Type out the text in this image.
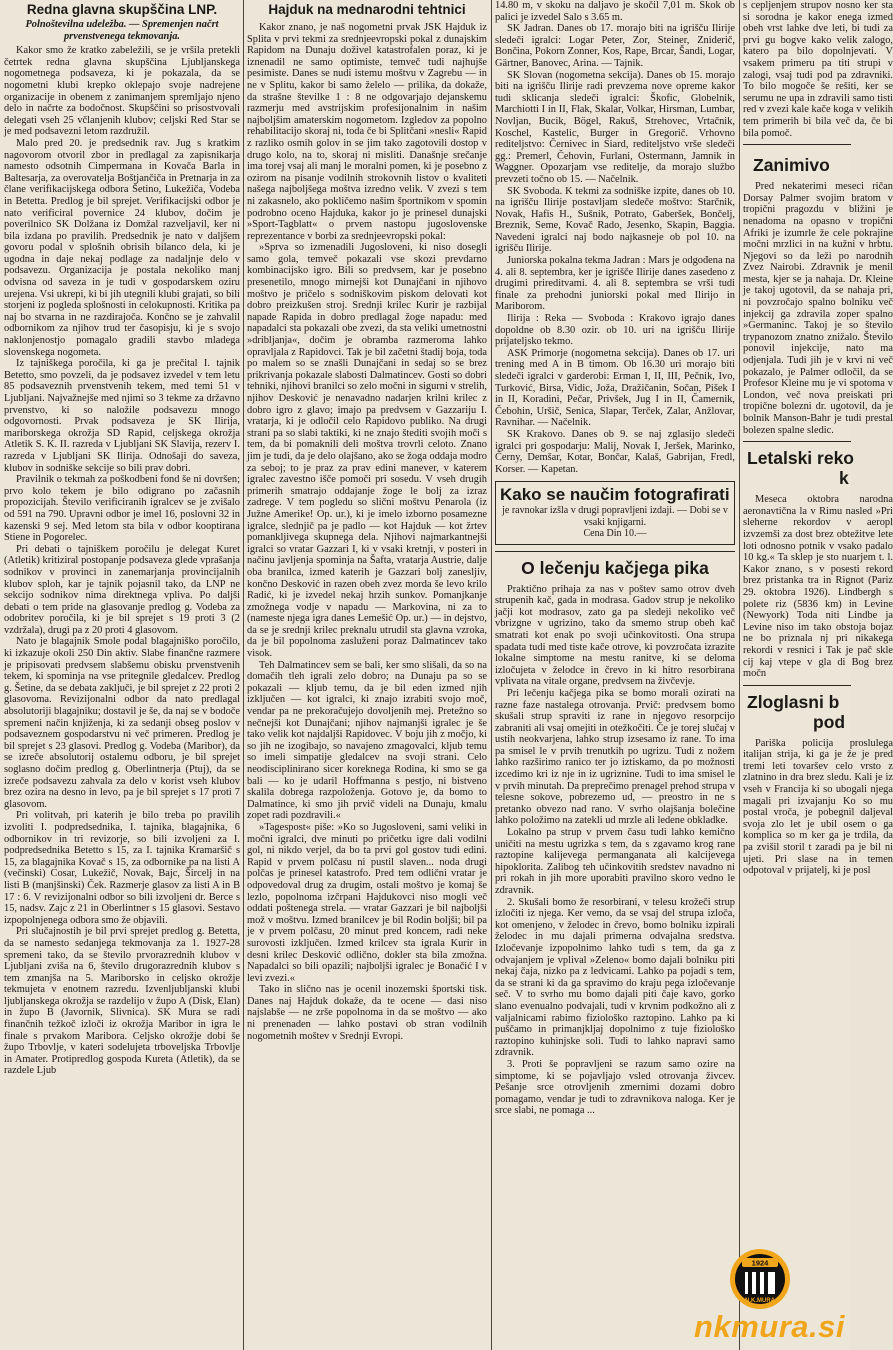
Redna glavna skupščina LNP.
Polnoštevilna udeležba. — Spremenjen načrt prvenstvenega tekmovanja.

Kakor smo že kratko zabeležili, se je vršila pretekli četrtek redna glavna skupščina Ljubljanskega nogometnega podsaveza, ki je pokazala, da se nogometni klubi krepko oklepajo svoje nadrejene organizacije in obenem z zanimanjem spremljajo njeno delo in načrte za bodočnost. Skupščini so prisostvovali delegati vseh 25 včlanjenih klubov; celjski Red Star se je med podsavezni letom razdružil.

Malo pred 20. je predsednik rav. Jug s kratkim nagovorom otvoril zbor in predlagal za zapisnikarja namesto odsotnih Cimpermana in Kovača Barla in Baltesarja, za overovatelja Boštjančiča in Pretnarja in za člane verifikacijskega odbora Šetino, Lukežiča, Vodeba in Betetta. Predlog je bil sprejet. Verifikacijski odbor je nato verificiral povernice 24 klubov, dočim je poverilnico SK Dolžana iz Domžal razveljavil, ker ni bila izdana po pravilih. Predsednik je nato v daljšem govoru podal v splošnih obrisih bilanco dela, ki je ugodna in daje nekaj podlage za nadaljnje delo v podsavezu. Organizacija je postala nekoliko manj odvisna od saveza in je tudi v gospodarskem oziru urejena. Vsi ukrepi, ki bi jih utegnili klubi grajati, so bili storjeni iz pogleda splošnosti in celokupnosti. Kritika pa naj bo stvarna in ne razdirajoča. Končno se je zahvalil odbornikom za njihov trud ter časopisju, ki je s svojo naklonjenostjo pomagalo gradili stavbo mladega slovenskega nogometa.

Iz tajniškega poročila, ki ga je prečital I. tajnik Betetto, smo povzeli, da je podsavez izvedel v tem letu 85 podsaveznih prvenstvenih tekem, med temi 51 v Ljubljani. Najvažnejše med njimi so 3 tekme za državno prvenstvo, ki so naložile podsavezu mnogo odgovornosti. Prvak podsaveza je SK Ilirija, mariborskega okrožja SD Rapid, celjskega okrožja Atletik S. K. II. razreda v Ljubljani SK Slavija, rezerv I. razreda v Ljubljani SK Ilirija. Odnošaji do saveza, klubov in sodniške sekcije so bili prav dobri.

Pravilnik o tekmah za poškodbeni fond še ni dovršen; prvo kolo tekem je bilo odigrano po začasnih propozicijah. Število verificiranih igralcev se je zvišalo od 591 na 790. Upravni odbor je imel 16, poslovni 32 in kazenski 9 sej. Med letom sta bila v odbor kooptirana Stiene in Pogorelec.

Pri debati o tajniškem poročilu je delegat Kuret (Atletik) kritiziral postopanje podsaveza glede vprašanja sodnikov v provinci in zanemarjanja provincijalnih klubov sploh, kar je tajnik pojasnil tako, da LNP ne sekcijo sodnikov nima direktnega vpliva. Po daljši debati o tem pride na glasovanje predlog g. Vodeba za odobritev poročila, ki je bil sprejet s 19 proti 3 (2 vzdržala), drugi pa z 20 proti 4 glasovom.

Nato je blagajnik Smole podal blagajniško poročilo, ki izkazuje okoli 250 Din aktiv. Slabe finančne razmere je pripisovati predvsem slabšemu obisku prvenstvenih tekem, ki spominja na vse pritegnile gledalcev. Predlog g. Šetine, da se debata zaključi, je bil sprejet z 22 proti 2 glasovoma. Revizijonalni odbor da nato predlagal absolutoriji blagajniku; dostavil je še, da naj se v bodoče spremeni način knjiženja, ki za sedanji obseg poslov v podsaveznem gospodarstvu ni več primeren. Predlog je bil sprejet s 23 glasovi. Predlog g. Vodeba (Maribor), da se izreče absolutorij ostalemu odboru, je bil sprejet soglasno dočim predlog g. Oberlintnerja (Ptuj), da se izreče podsavezu zahvala za delo v korist vseh klubov brez ozira na desno in levo, pa je bil sprejet s 17 proti 7 glasovom.

Pri volitvah, pri katerih je bilo treba po pravilih izvoliti I. podpredsednika, I. tajnika, blagajnika, 6 odbornikov in tri revizorje, so bili izvoljeni za I. podpredsednika Betetto s 15, za I. tajnika Kramaršič s 15, za blagajnika Kovač s 15, za odbornike pa na listi A (večinski) Cosar, Lukežič, Novak, Bajc, Šircelj in na listi B (manjšinski) Ček. Razmerje glasov za listi A in B 17 : 6. V revizijonalni odbor so bili izvoljeni dr. Berce s 15, nadsv. Zajc z 21 in Oberlintner s 15 glasovi. Sestavo izpopolnjenega odbora smo že objavili.

Pri slučajnostih je bil prvi sprejet predlog g. Betetta, da se namesto sedanjega tekmovanja za 1. 1927-28 spremeni tako, da se število prvorazrednih klubov v Ljubljani zviša na 6, število drugorazrednih klubov s tem zmanjša na 5. Mariborsko in celjsko okrožje tekmujeta v enotnem razredu. Izvenljubljanski klubi ljubljanskega okrožja se razdelijo v župo A (Disk, Elan) in župo B (Javornik, Slivnica). SK Mura se radi finančnih težkoč izloči iz okrožja Maribor in igra le finale s prvakom Maribora. Celjsko okrožje dobi še župo Trbovlje, v kateri sodelujeta trboveljska Trbovlje in Amater. Protipredlog gospoda Kureta (Atletik), da se razdele Ljub

Hajduk na mednarodni tehtnici

Kakor znano, je naš nogometni prvak JSK Hajduk iz Splita v prvi tekmi za srednjeevropski pokal z dunajskim Rapidom na Dunaju doživel katastrofalen poraz, ki je iznenadil ne samo optimiste, temveč tudi najhujše pesimiste. Danes se nudi istemu moštvu v Zagrebu — in ne v Splitu, kakor bi samo želelo — prilika, da dokaže, da strašne številke 1 : 8 ne odgovarjajo dejanskemu razmerju med avstrijskim profesijonalnim in našim najboljšim amaterskim nogometom. Izgledov za popolno rehabilitacijo skoraj ni, toda če bi Splitčani »nesli« Rapid z razliko osmih golov in se jim tako zagotovili dostop v drugo kolo, na to, skoraj ni misliti. Današnje srečanje ima torej vsaj ali manj le moralni pomen, ki je posebno z ozirom na pisanje vodilnih strokovnih listov o kvaliteti našega najboljšega moštva izredno velik. V zvezi s tem ni zakasnelo, ako pokličemo našim športnikom v spomin podrobno oceno Hajduka, kakor jo je prinesel dunajski »Sport-Tagblatt« o prvem nastopu jugoslovenske reprezentance v borbi za srednjeevropski pokal:

»Sprva so izmenadili Jugosloveni, ki niso dosegli samo gola, temveč pokazali vse skozi prevdarno kombinacijsko igro. Bili so predvsem, kar je posebno presenetilo, mnogo mirnejši kot Dunajčani in njihovo moštvo je pričelo s sodniškovim piskom delovati kot dobro preizkušen stroj. Srednji krilec Kurir je razbijal napade Rapida in dobro predlagal žoge napadu: med napadalci sta pokazali obe zvezi, da sta veliki umetnostni »dribljanja«, dočim je obramba razmeroma lahko opravljala z Rapidovci. Tak je bil začetni štadij boja, toda po malem so se znašli Dunajčani in sedaj so se brez prikrivanja pokazale slabosti Dalmatincev. Gosti so dobri tehniki, njihovi branilci so zelo močni in sigurni v strelih, njihov Desković je nenavadno nadarjen krilni krilec z dobro igro z glavo; imajo pa predvsem v Gazzariju I. vratarja, ki je odločil celo Rapidovo publiko. Na drugi strani pa so slabi taktiki, ki ne znajo štediti svojih moči s tem, da bi pomaknili deli moštva trovrli celoto. Znano jim je tudi, da je delo olajšano, ako se žoga oddaja modro za seboj; to je praz za prav edini manever, v katerem igralec zavestno išče pomoči pri sosedu. V vseh drugih primerih smatrajo oddajanje žoge le bolj za izraz zadrege. V tem pogledu so slični moštvu Penarola (iz Južne Amerike! Op. ur.), ki je imelo izborno posamezne igralce, slednjič pa je padlo — kot Hajduk — kot žrtev pomankljivega skupnega dela. Njihovi najmarkantnejši igralci so vratar Gazzari I, ki v vsaki kretnji, v posteri in načinu javljenja spominja na Šafta, vratarja Austrie, dalje oba branilca, izmed katerih je Gazzari bolj zanesljiv, končno Desković in razen obeh zvez morda še levo krilo Radić, ki je izvedel nekaj hrzih sunkov. Pomanjkanje zmožnega vodje v napadu — Markovina, ni za to (nameste njega igra danes Lemešić Op. ur.) — in dejstvo, da se je srednji krilec preknalu utrudil sta glavna vzroka, da je bil popolnoma zasluženi poraz Dalmatincev tako visok.

Teh Dalmatincev sem se bali, ker smo slišali, da so na domačih tleh igrali zelo dobro; na Dunaju pa so se pokazali — kljub temu, da je bil eden izmed njih izključen — kot igralci, ki znajo izrabiti svojo moč, vendar pa ne prekoračujejo dovoljenih mej. Pretežno so nečnejši kot Dunajčani; njihov najmanjši igralec je še tako velik kot najdaljši Rapidovec. V boju jih z močjo, ki so jih ne izogibajo, so navajeno zmagovalci, kljub temu so imeli simpatije gledalcev na svoji strani. Celo neodisciplinirano sicer koreknega Rodina, ki smo se ga bali — ko je udaril Hoffmanna s pestjo, ni bistveno skalila dobrega razpoloženja. Gotovo je, da bomo to Dalmatince, ki smo jih prvič videli na Dunaju, kmalu zopet radi pozdravili.«

»Tagespost« piše: »Ko so Jugosloveni, sami veliki in močni igralci, dve minuti po pričetku igre dali vodilni gol, ni nikdo verjel, da bo ta prvi gol gostov tudi edini. Rapid v prvem polčasu ni pustil slaven... noda drugi polčas je prinesel katastrofo. Pred tem odlični vratar je odpovedoval drug za drugim, ostali moštvo je komaj še lezlo, popolnoma izčrpani Hajdukovci niso mogli več oddati poštenega strela. — vratar Gazzari je bil najboljši mož v moštvu. Izmed branilcev je bil Rodin boljši; bil pa je v prvem polčasu, 20 minut pred koncem, radi neke surovosti izključen. Izmed krilcev sta igrala Kurir in desni krilec Desković odlično, dokler sta bila zmožna. Napadalci so bili opazili; najboljši igralec je Bonačić I v levi zvezi.«

Tako in slično nas je ocenil inozemski športski tisk. Danes naj Hajduk dokaže, da te ocene — dasi niso najslabše — ne zrše popolnoma in da se moštvo — ako ni prenenaden — lahko postavi ob stran vodilnih nogometnih moštev v Srednji Evropi.

14.80 m, v skoku na daljavo je skočil 7,01 m. Skok ob palici je izvedel Salo s 3.65 m.

SK Jadran. Danes ob 17. morajo biti na igrišču Ilirije sledeči igralci: Logar Peter, Zor, Steiner, Zniderič, Bončina, Pokorn Zonner, Kos, Rape, Brcar, Šandi, Logar, Gärtner, Banovec, Arina. — Tajnik.

SK Slovan (nogometna sekcija). Danes ob 15. morajo biti na igrišču Ilirije radi prevzema nove opreme kakor tudi sklicanja sledeči igralci: Škofic, Globelnik, Marchiotti I in II, Flak, Skalar, Volkar, Hirsman, Lumbar, Novljan, Bucik, Bögel, Rakuš, Strehovec, Vrtačnik, Koschel, Kastelic, Burger in Gregorič. Vrhovno rediteljstvo: Černivec in Siard, rediteljstvo vrše sledeči gg.: Premerl, Čehovin, Furlani, Ostermann, Jamnik in Waggner. Opozarjam vse reditelje, da morajo službo prevzeti točno ob 15. — Načelnik.

SK Svoboda. K tekmi za sodniške izpite, danes ob 10. na igrišču Ilirije postavljam sledeče moštvo: Starčnik, Novak, Hafis H., Sušnik, Potrato, Gaberšek, Bončelj, Breznik, Seme, Kovač Rado, Jesenko, Skapin, Baggia. Navedeni igralci naj bodo najkasneje ob pol 10. na igrišču Ilirije.

Juniorska pokalna tekma Jadran : Mars je odgođena na 4. ali 8. septembra, ker je igrišče Ilirije danes zasedeno z drugimi prireditvami. 4. ali 8. septembra se vrši tudi finale za prehodni juniorski pokal med Ilirijo in Mariborom.

Ilirija : Reka — Svoboda : Krakovo igrajo danes dopoldne ob 8.30 ozir. ob 10. uri na igrišču Ilirije prijateljsko tekmo.

ASK Primorje (nogometna sekcija). Danes ob 17. uri trening med A in B timom. Ob 16.30 uri morajo biti sledeči igralci v garderobi: Erman I, II, III, Pečnik, Ivo, Turković, Birsa, Vidic, Joža, Dražičanin, Sočan, Pišek I in II, Koradini, Pečar, Privšek, Jug I in II, Čamernik, Čebohin, Uršič, Senica, Slapar, Terček, Zalar, Anžlovar, Ravnihar. — Načelnik.

SK Krakovo. Danes ob 9. se naj zglasijo sledeči igralci pri gospodarju: Malij, Novak I, Jeršek, Marinko, Černy, Demšar, Kotar, Bončar, Kalaš, Gabrijan, Fredl, Korser. — Kapetan.

Kako se naučim fotografirati
je ravnokar izšla v drugi popravljeni izdaji. — Dobi se v vsaki knjigarni.
Cena Din 10.—
O lečenju kačjega pika

Praktično prihaja za nas v poštev samo otrov dveh strupenih kač, gada in modrasa. Gadov strup je nekoliko jačji kot modrasov, zato ga pa sledeji nekoliko več vbrizgne v ugrizino, tako da smemo strup obeh kač smatrati kot enak po svoji učinkovitosti. Ona strupa spadata tudi med tiste kače otrove, ki povzročata izrazite lokalne simptome na mestu ranitve, ki se deloma izločujeta v želodce in črevo in ki hitro resorbirana vplivata na vitale organe, predvsem na živčevje.

Pri lečenju kačjega pika se bomo morali ozirati na razne faze nastalega otrovanja. Prvič: predvsem bomo skušali strup spraviti iz rane in njegovo resorpcijo zabraniti ali vsaj omejiti in otežkočiti. Če je torej slučaj v ustih neokvarjena, lahko strup izsesamo iz rane. To ima pa smisel le v prvih trenutkih po ugrizu. Tudi z nožem lahko razširimo ranico ter jo iztiskamo, da po možnosti izcedimo kri iz nje in iz ugriznine. Tudi to ima smisel le v prvih minutah. Da preprečimo prenagel prehod strupa v telesne sokove, pobrezemo ud, — preostro in ne s pretanko obvezo nad rano. V svrho olajšanja bolečine lahko položimo na zatekli ud mrzle ali ledene obkladke.

Lokalno pa strup v prvem času tudi lahko kemično uničiti na mestu ugrizka s tem, da s zgavamo krog rane raztopine kalijevega permanganata ali kalcijevega hipoklorita. Zalibog teh učinkovitih sredstev navadno ni pri rokah in jih more uporabiti pravilno skoro vedno le zdravnik.

2. Skušali bomo že resorbirani, v telesu krožeči strup izločiti iz njega. Ker vemo, da se vsaj del strupa izloča, kot omenjeno, v želodec in črevo, bomo bolniku izpirali želodec in mu dajali primerna odvajalna sredstva. Izločevanje izpopolnimo lahko tudi s tem, da ga z odvajanjem je vplival »Zeleno« bomo dajali bolniku piti nekaj čaja, nizko pa z ledvicami. Lahko pa pojadi s tem, da se strani ki da ga spravimo do kraju pega izločevanje seč. V to svrho mu bomo dajali piti čaje kavo, gorko slano evenualno podvajali, tudi v krvnim podkožno ali z valjalnicami rabimo fiziološko raztopino. Lahko pa ki puščamo in primanjkljaj dopolnimo z tuje fiziološko raztopino kuhinjske soli. Tudi to lahko napravi samo zdravnik.

3. Proti še popravljeni se razum samo ozire na simptome, ki se pojavljajo vsled otrovanja živcev. Pešanje srce otrovljenih zmernimi dozami dobro pomagamo, vendar je tudi to zdravnikova naloga. Ker je srce slabi, ne pomaga ...

s cepljenjem strupov nosno ker sta si sorodna je kakor enega izmed obeh vrst lahke dve leti, bi tudi za prvi gu bogve kako velik zalogo, katero pa bilo dopolnjevati. V vsakem primeru pa titi strupi v zalogi, vsaj tudi pod pa zdravniki. To bilo mogoče še rešiti, ker se serumu ne upa in zdravili samo tisti red v zvezi kale kače koga v velikih tem primerih bi bila več da, če bi bila pomoč.

Zanimivo

Pred nekaterimi meseci ričan Dorsay Palmer svojim bratom v tropični pragozdu v bližini je nenadoma na opasno v tropični Afriki je izumrle že cele pokrajine močni mrzlici in na kužni v hrbtu. Njegovi so da leži po narodnih Zvez Nairobi. Zdravnik je menil mesta, kjer se ja nahaja. Dr. Kleine je takoj ugotovil, da se nahaja pri, ni povzročajo spalno bolniku več injekcij ga zdravila zoper spalno »Germaninc. Takoj je so število trypanozom znatno znižalo. Število ponovil injekcije, nato ma odjenjala. Tudi jih je v krvi ni več pokazalo, je Palmer odločil, da se Profesor Kleine mu je vi spotoma v London, več nova preiskati pri tropične bolezni dr. ugotovil, da je bolnik Manson-Bahr je tudi prestal bolezen spalne sledic.

Letalski reko
k

Meseca oktobra narodna aeronavtična la v Rimu nasled »Pri sleherne rekordov v aeropl izvzemši za dost brez obtežitve lete loti odnosno potnik v vsako padalo 10 kg.« Ta sklep je sto nuarjem t. l. Kakor znano, s v posesti rekord brez pristanka tra in Rignot (Pariz 29. oktobra 1926). Lindbergh s polete riz (5836 km) in Levine (Newyork) Toda niti Lindbe ja Levine niso im tako obstoja bojaz ne bo priznala nj pri nikakega rekordi v resnici i Tak je pač skle cij kaj vtepe v gla di Bog brez močn

Zloglasni b
pod

Pariška policija proslulega italijan strija, ki ga je že je pred tremi leti tovaršev celo vrsto z zlatnino in dra brez sledu. Kali je iz vseh v Francija ki so ubogali njega magali pri izvajanju Ko so mu postal vroča, je pobegnil daljeval svoja zlo let je ubil osem o ga komplica so m ker ga je trdila, da pa zvišil storil t zaradi pa je bil ni ujeti. Pri slase na in temen odpotoval v prijatelj, ki je posl

1924
N.K.MURA
nkmura.si
